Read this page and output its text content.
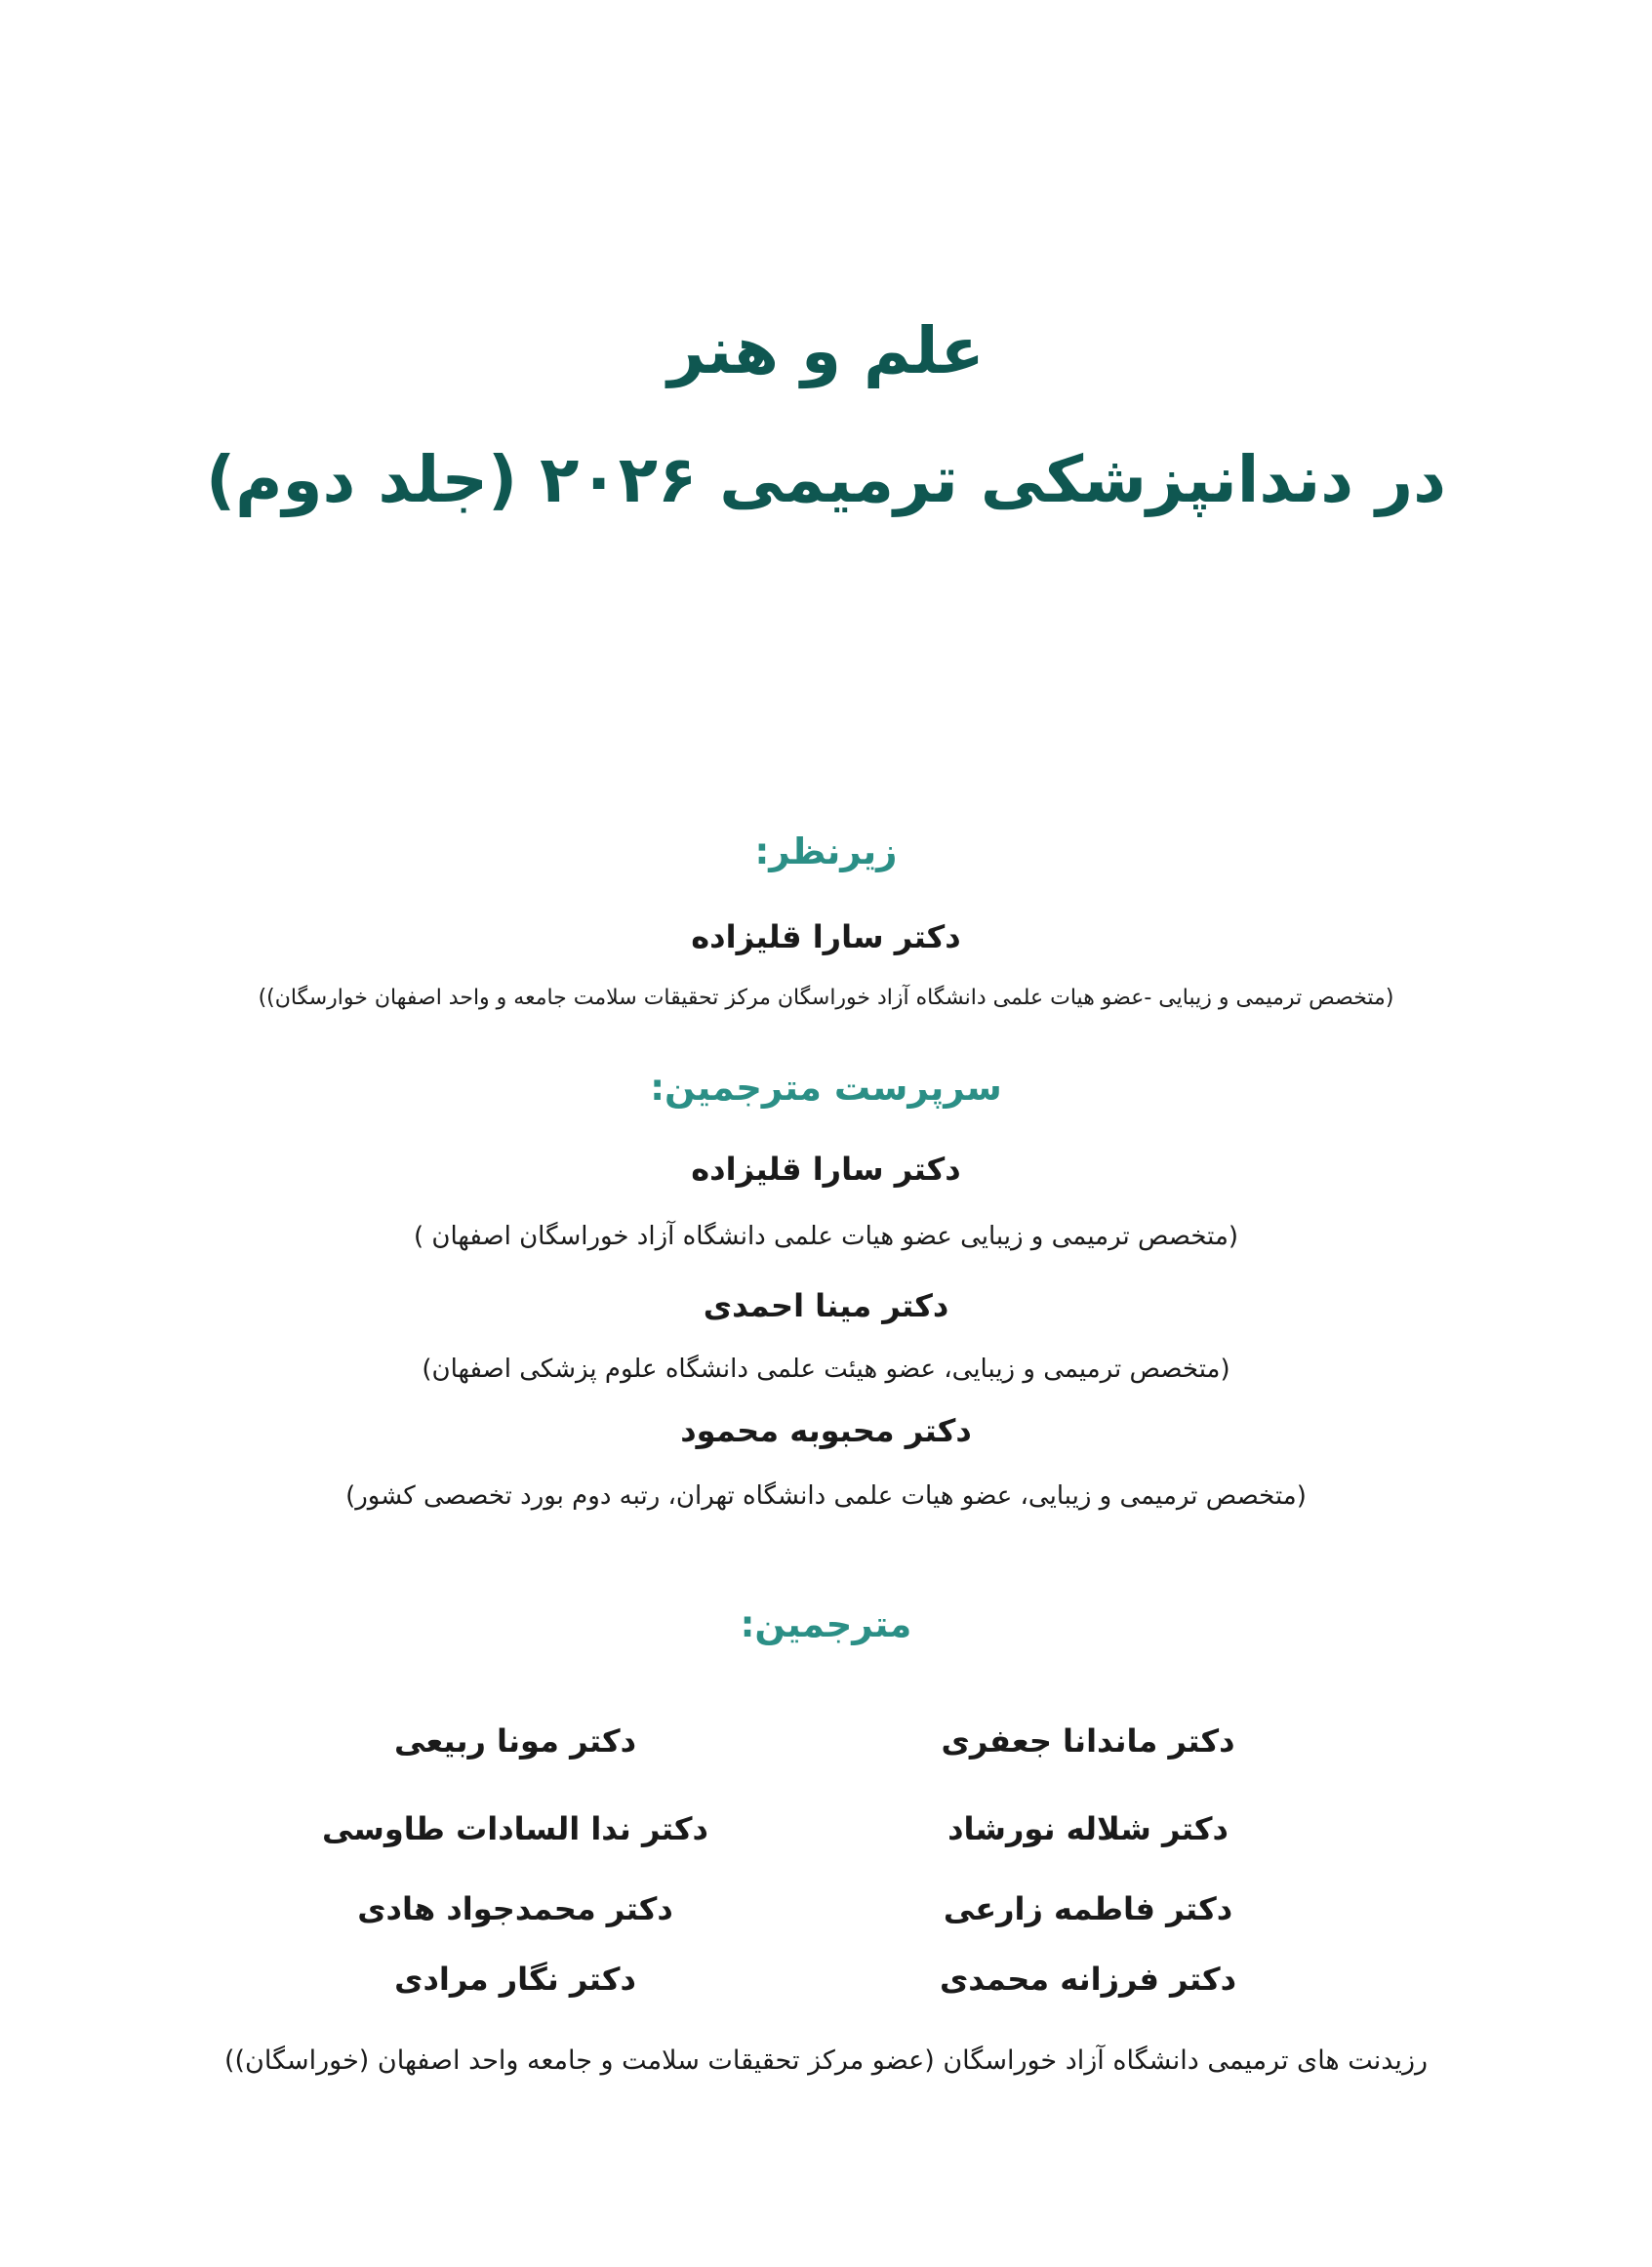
علم و هنر
در دندانپزشکی ترمیمی ۲۰۲۶ (جلد دوم)
زیرنظر:
دکتر سارا قلیزاده
(متخصص ترمیمی و زیبایی -عضو هیات علمی دانشگاه آزاد خوراسگان مرکز تحقیقات سلامت جامعه و واحد اصفهان خوارسگان))
سرپرست مترجمین:
دکتر سارا قلیزاده
(متخصص ترمیمی و زیبایی عضو هیات علمی دانشگاه آزاد خوراسگان اصفهان )
دکتر مینا احمدی
(متخصص ترمیمی و زیبایی، عضو هیئت علمی دانشگاه علوم پزشکی اصفهان)
دکتر محبوبه محمود
(متخصص ترمیمی و زیبایی، عضو هیات علمی دانشگاه تهران، رتبه دوم بورد تخصصی کشور)
مترجمین:
دکتر ماندانا جعفری
دکتر شلاله نورشاد
دکتر فاطمه زارعی
دکتر فرزانه محمدی
دکتر مونا ربیعی
دکتر ندا السادات طاوسی
دکتر محمدجواد هادی
دکتر نگار مرادی
رزیدنت های ترمیمی دانشگاه آزاد خوراسگان (عضو مرکز تحقیقات سلامت و جامعه واحد اصفهان (خوراسگان))
